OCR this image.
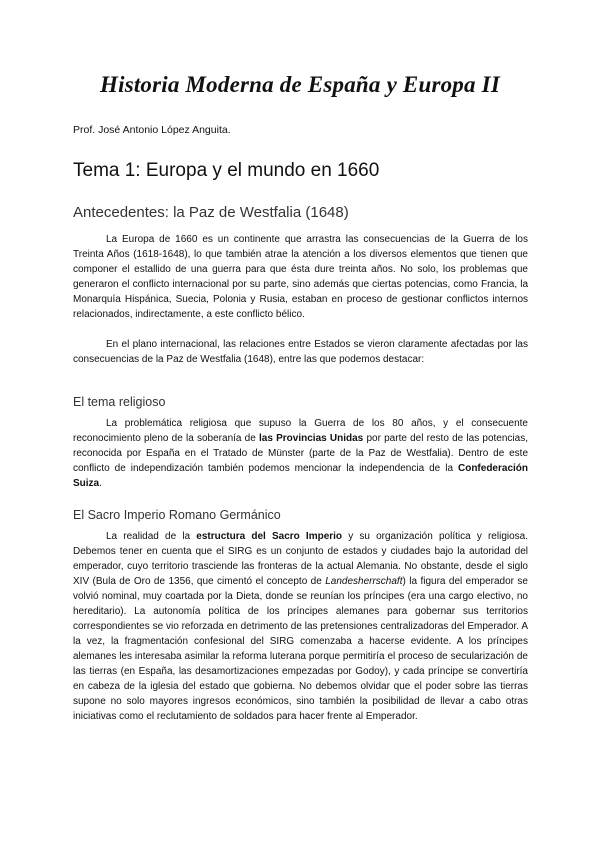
Historia Moderna de España y Europa II

Prof. José Antonio López Anguita.

Tema 1: Europa y el mundo en 1660
Antecedentes: la Paz de Westfalia (1648)

La Europa de 1660 es un continente que arrastra las consecuencias de la Guerra de los Treinta Años (1618-1648), lo que también atrae la atención a los diversos elementos que tienen que componer el estallido de una guerra para que ésta dure treinta años. No solo, los problemas que generaron el conflicto internacional por su parte, sino además que ciertas potencias, como Francia, la Monarquía Hispánica, Suecia, Polonia y Rusia, estaban en proceso de gestionar conflictos internos relacionados, indirectamente, a este conflicto bélico.

En el plano internacional, las relaciones entre Estados se vieron claramente afectadas por las consecuencias de la Paz de Westfalia (1648), entre las que podemos destacar:

El tema religioso

La problemática religiosa que supuso la Guerra de los 80 años, y el consecuente reconocimiento pleno de la soberanía de las Provincias Unidas por parte del resto de las potencias, reconocida por España en el Tratado de Münster (parte de la Paz de Westfalia). Dentro de este conflicto de independización también podemos mencionar la independencia de la Confederación Suiza.

El Sacro Imperio Romano Germánico

La realidad de la estructura del Sacro Imperio y su organización política y religiosa. Debemos tener en cuenta que el SIRG es un conjunto de estados y ciudades bajo la autoridad del emperador, cuyo territorio trasciende las fronteras de la actual Alemania. No obstante, desde el siglo XIV (Bula de Oro de 1356, que cimentó el concepto de Landesherrschaft) la figura del emperador se volvió nominal, muy coartada por la Dieta, donde se reunían los príncipes (era una cargo electivo, no hereditario). La autonomía política de los príncipes alemanes para gobernar sus territorios correspondientes se vio reforzada en detrimento de las pretensiones centralizadoras del Emperador. A la vez, la fragmentación confesional del SIRG comenzaba a hacerse evidente. A los príncipes alemanes les interesaba asimilar la reforma luterana porque permitiría el proceso de secularización de las tierras (en España, las desamortizaciones empezadas por Godoy), y cada príncipe se convertiría en cabeza de la iglesia del estado que gobierna. No debemos olvidar que el poder sobre las tierras supone no solo mayores ingresos económicos, sino también la posibilidad de llevar a cabo otras iniciativas como el reclutamiento de soldados para hacer frente al Emperador.
